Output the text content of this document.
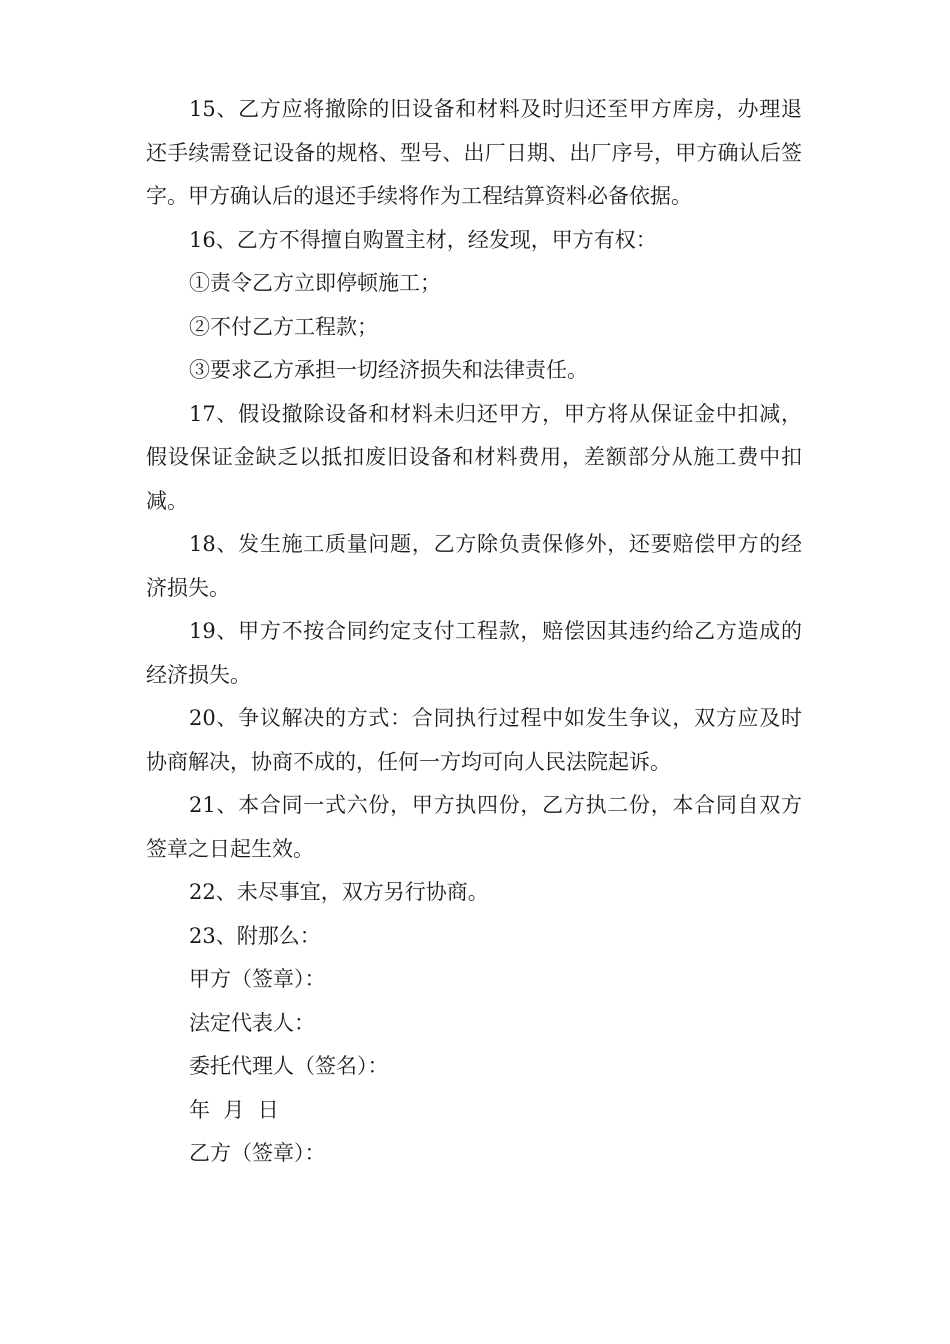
15、乙方应将撤除的旧设备和材料及时归还至甲方库房，办理退还手续需登记设备的规格、型号、出厂日期、出厂序号，甲方确认后签字。甲方确认后的退还手续将作为工程结算资料必备依据。

16、乙方不得擅自购置主材，经发现，甲方有权：

①责令乙方立即停顿施工；

②不付乙方工程款；

③要求乙方承担一切经济损失和法律责任。

17、假设撤除设备和材料未归还甲方，甲方将从保证金中扣减，假设保证金缺乏以抵扣废旧设备和材料费用，差额部分从施工费中扣减。

18、发生施工质量问题，乙方除负责保修外，还要赔偿甲方的经济损失。

19、甲方不按合同约定支付工程款，赔偿因其违约给乙方造成的经济损失。

20、争议解决的方式：合同执行过程中如发生争议，双方应及时协商解决，协商不成的，任何一方均可向人民法院起诉。

21、本合同一式六份，甲方执四份，乙方执二份，本合同自双方签章之日起生效。

22、未尽事宜，双方另行协商。

23、附那么：

甲方（签章）：

法定代表人：

委托代理人（签名）：

年  月  日

乙方（签章）：
